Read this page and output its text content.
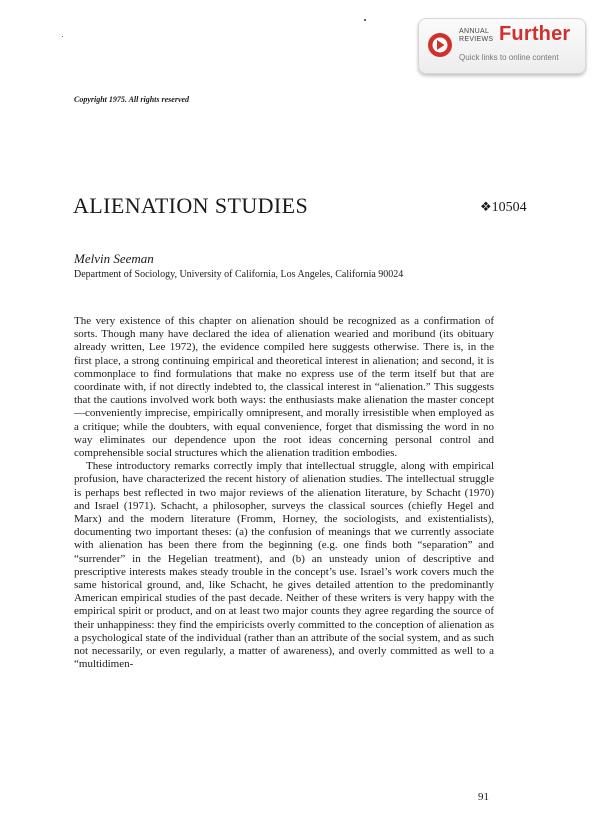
ANNUAL
REVIEWS Further
Quick links to online content
Copyright 1975. All rights reserved
ALIENATION STUDIES	❖10504
Melvin Seeman
Department of Sociology, University of California, Los Angeles, California 90024

The very existence of this chapter on alienation should be recognized as a confirmation of sorts. Though many have declared the idea of alienation wearied and moribund (its obituary already written, Lee 1972), the evidence compiled here suggests otherwise. There is, in the first place, a strong continuing empirical and theoretical interest in alienation; and second, it is commonplace to find formulations that make no express use of the term itself but that are coordinate with, if not directly indebted to, the classical interest in “alienation.” This suggests that the cautions involved work both ways: the enthusiasts make alienation the master concept—conveniently imprecise, empirically omnipresent, and morally irresistible when employed as a critique; while the doubters, with equal convenience, forget that dismissing the word in no way eliminates our dependence upon the root ideas concerning personal control and comprehensible social structures which the alienation tradition embodies.

These introductory remarks correctly imply that intellectual struggle, along with empirical profusion, have characterized the recent history of alienation studies. The intellectual struggle is perhaps best reflected in two major reviews of the alienation literature, by Schacht (1970) and Israel (1971). Schacht, a philosopher, surveys the classical sources (chiefly Hegel and Marx) and the modern literature (Fromm, Horney, the sociologists, and existentialists), documenting two important theses: (a) the confusion of meanings that we currently associate with alienation has been there from the beginning (e.g. one finds both “separation” and “surrender” in the Hegelian treatment), and (b) an unsteady union of descriptive and prescriptive interests makes steady trouble in the concept’s use. Israel’s work covers much the same historical ground, and, like Schacht, he gives detailed attention to the predominantly American empirical studies of the past decade. Neither of these writers is very happy with the empirical spirit or product, and on at least two major counts they agree regarding the source of their unhappiness: they find the empiricists overly committed to the conception of alienation as a psychological state of the individual (rather than an attribute of the social system, and as such not necessarily, or even regularly, a matter of awareness), and overly committed as well to a “multidimen-

91
